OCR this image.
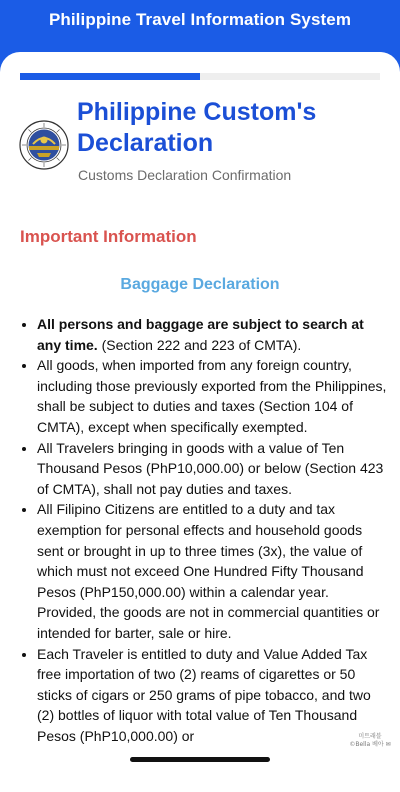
Philippine Travel Information System
Philippine Custom's Declaration
Customs Declaration Confirmation
Important Information
Baggage Declaration
• All persons and baggage are subject to search at any time. (Section 222 and 223 of CMTA).
• All goods, when imported from any foreign country, including those previously exported from the Philippines, shall be subject to duties and taxes (Section 104 of CMTA), except when specifically exempted.
• All Travelers bringing in goods with a value of Ten Thousand Pesos (PhP10,000.00) or below (Section 423 of CMTA), shall not pay duties and taxes.
• All Filipino Citizens are entitled to a duty and tax exemption for personal effects and household goods sent or brought in up to three times (3x), the value of which must not exceed One Hundred Fifty Thousand Pesos (PhP150,000.00) within a calendar year. Provided, the goods are not in commercial quantities or intended for barter, sale or hire.
• Each Traveler is entitled to duty and Value Added Tax free importation of two (2) reams of cigarettes or 50 sticks of cigars or 250 grams of pipe tobacco, and two (2) bottles of liquor with total value of Ten Thousand Pesos (PhP10,000.00) or	미트래블
©Bella 베아 ✉
